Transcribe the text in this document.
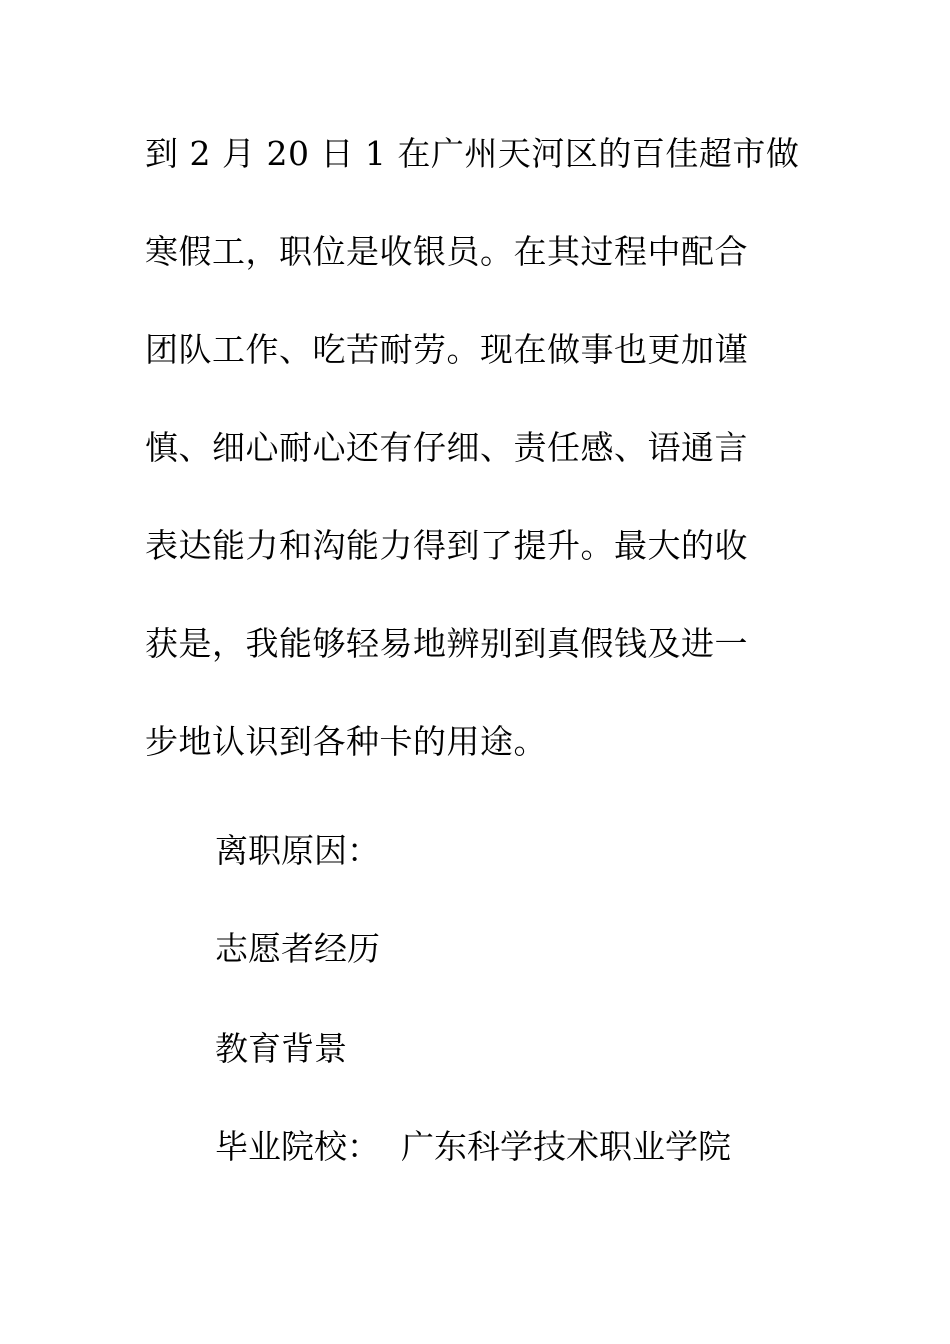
到 2 月 20 日 1 在广州天河区的百佳超市做
寒假工，职位是收银员。在其过程中配合
团队工作、吃苦耐劳。现在做事也更加谨
慎、细心耐心还有仔细、责任感、语通言
表达能力和沟能力得到了提升。最大的收
获是，我能够轻易地辨别到真假钱及进一
步地认识到各种卡的用途。

离职原因：

志愿者经历

教育背景

毕业院校：  广东科学技术职业学院
